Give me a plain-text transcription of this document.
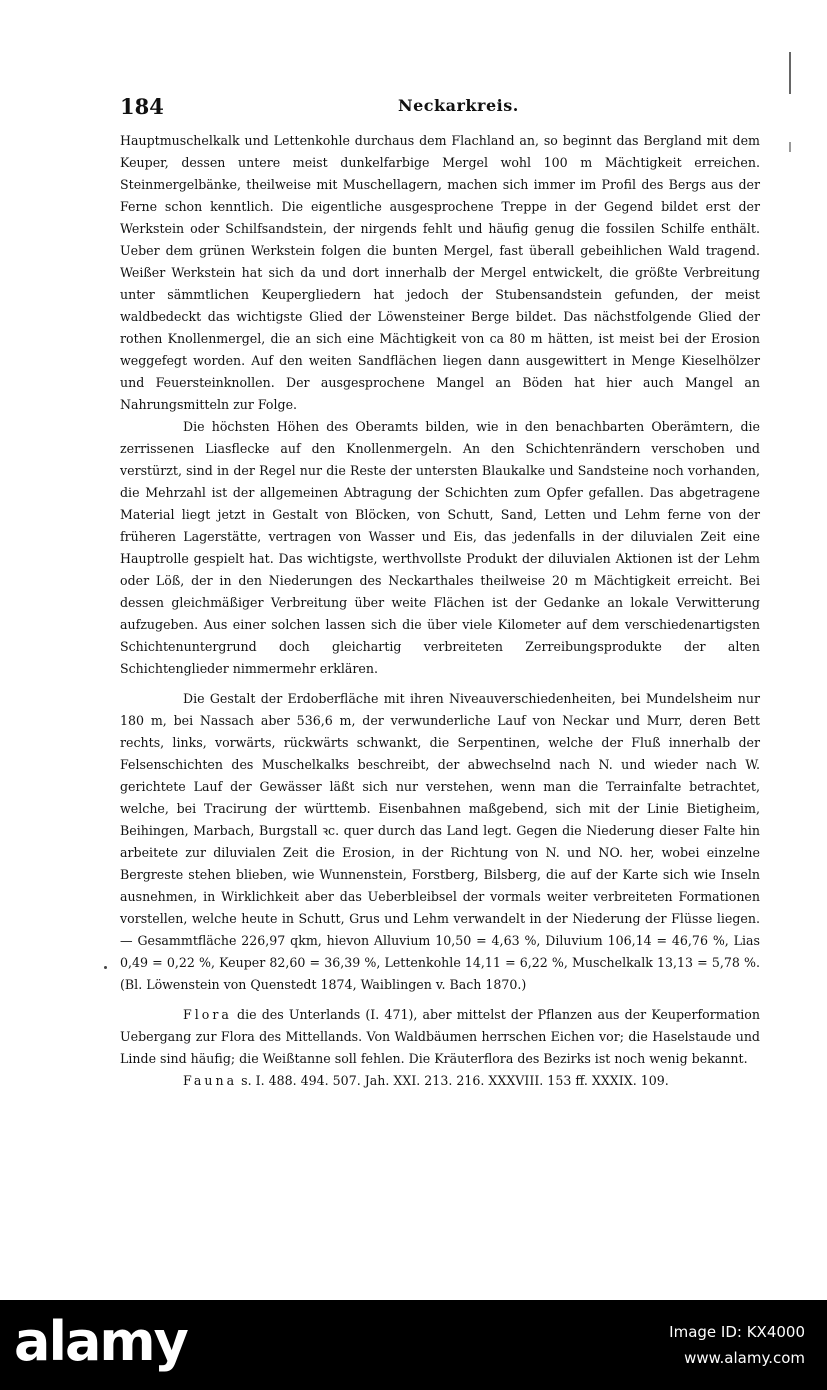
184	Neckarkreis.

Hauptmuschelkalk und Lettenkohle durchaus dem Flachland an, so beginnt das Bergland mit dem Keuper, dessen untere meist dunkelfarbige Mergel wohl 100 m Mächtigkeit erreichen. Steinmergelbänke, theilweise mit Muschellagern, machen sich immer im Profil des Bergs aus der Ferne schon kenntlich. Die eigentliche ausgesprochene Treppe in der Gegend bildet erst der Werkstein oder Schilfsandstein, der nirgends fehlt und häufig genug die fossilen Schilfe enthält. Ueber dem grünen Werkstein folgen die bunten Mergel, fast überall gebeihlichen Wald tragend. Weißer Werkstein hat sich da und dort innerhalb der Mergel entwickelt, die größte Verbreitung unter sämmtlichen Keupergliedern hat jedoch der Stubensandstein gefunden, der meist waldbedeckt das wichtigste Glied der Löwensteiner Berge bildet. Das nächstfolgende Glied der rothen Knollenmergel, die an sich eine Mächtigkeit von ca 80 m hätten, ist meist bei der Erosion weggefegt worden. Auf den weiten Sandflächen liegen dann ausgewittert in Menge Kieselhölzer und Feuersteinknollen. Der ausgesprochene Mangel an Böden hat hier auch Mangel an Nahrungsmitteln zur Folge.

Die höchsten Höhen des Oberamts bilden, wie in den benachbarten Oberämtern, die zerrissenen Liasflecke auf den Knollenmergeln. An den Schichtenrändern verschoben und verstürzt, sind in der Regel nur die Reste der untersten Blaukalke und Sandsteine noch vorhanden, die Mehrzahl ist der allgemeinen Abtragung der Schichten zum Opfer gefallen. Das abgetragene Material liegt jetzt in Gestalt von Blöcken, von Schutt, Sand, Letten und Lehm ferne von der früheren Lagerstätte, vertragen von Wasser und Eis, das jedenfalls in der diluvialen Zeit eine Hauptrolle gespielt hat. Das wichtigste, werthvollste Produkt der diluvialen Aktionen ist der Lehm oder Löß, der in den Niederungen des Neckarthales theilweise 20 m Mächtigkeit erreicht. Bei dessen gleichmäßiger Verbreitung über weite Flächen ist der Gedanke an lokale Verwitterung aufzugeben. Aus einer solchen lassen sich die über viele Kilometer auf dem verschiedenartigsten Schichtenuntergrund doch gleichartig verbreiteten Zerreibungsprodukte der alten Schichtenglieder nimmermehr erklären.

Die Gestalt der Erdoberfläche mit ihren Niveauverschiedenheiten, bei Mundelsheim nur 180 m, bei Nassach aber 536,6 m, der verwunderliche Lauf von Neckar und Murr, deren Bett rechts, links, vorwärts, rückwärts schwankt, die Serpentinen, welche der Fluß innerhalb der Felsenschichten des Muschelkalks beschreibt, der abwechselnd nach N. und wieder nach W. gerichtete Lauf der Gewässer läßt sich nur verstehen, wenn man die Terrainfalte betrachtet, welche, bei Tracirung der württemb. Eisenbahnen maßgebend, sich mit der Linie Bietigheim, Beihingen, Marbach, Burgstall ꝛc. quer durch das Land legt. Gegen die Niederung dieser Falte hin arbeitete zur diluvialen Zeit die Erosion, in der Richtung von N. und NO. her, wobei einzelne Bergreste stehen blieben, wie Wunnenstein, Forstberg, Bilsberg, die auf der Karte sich wie Inseln ausnehmen, in Wirklichkeit aber das Ueberbleibsel der vormals weiter verbreiteten Formationen vorstellen, welche heute in Schutt, Grus und Lehm verwandelt in der Niederung der Flüsse liegen. — Gesammtfläche 226,97 qkm, hievon Alluvium 10,50 = 4,63 %, Diluvium 106,14 = 46,76 %, Lias 0,49 = 0,22 %, Keuper 82,60 = 36,39 %, Lettenkohle 14,11 = 6,22 %, Muschelkalk 13,13 = 5,78 %. (Bl. Löwenstein von Quenstedt 1874, Waiblingen v. Bach 1870.)

Flora die des Unterlands (I. 471), aber mittelst der Pflanzen aus der Keuperformation Uebergang zur Flora des Mittellands. Von Waldbäumen herrschen Eichen vor; die Haselstaude und Linde sind häufig; die Weißtanne soll fehlen. Die Kräuterflora des Bezirks ist noch wenig bekannt.

Fauna s. I. 488. 494. 507. Jah. XXI. 213. 216. XXXVIII. 153 ff. XXXIX. 109.

alamy	Image ID: KX4000
www.alamy.com
